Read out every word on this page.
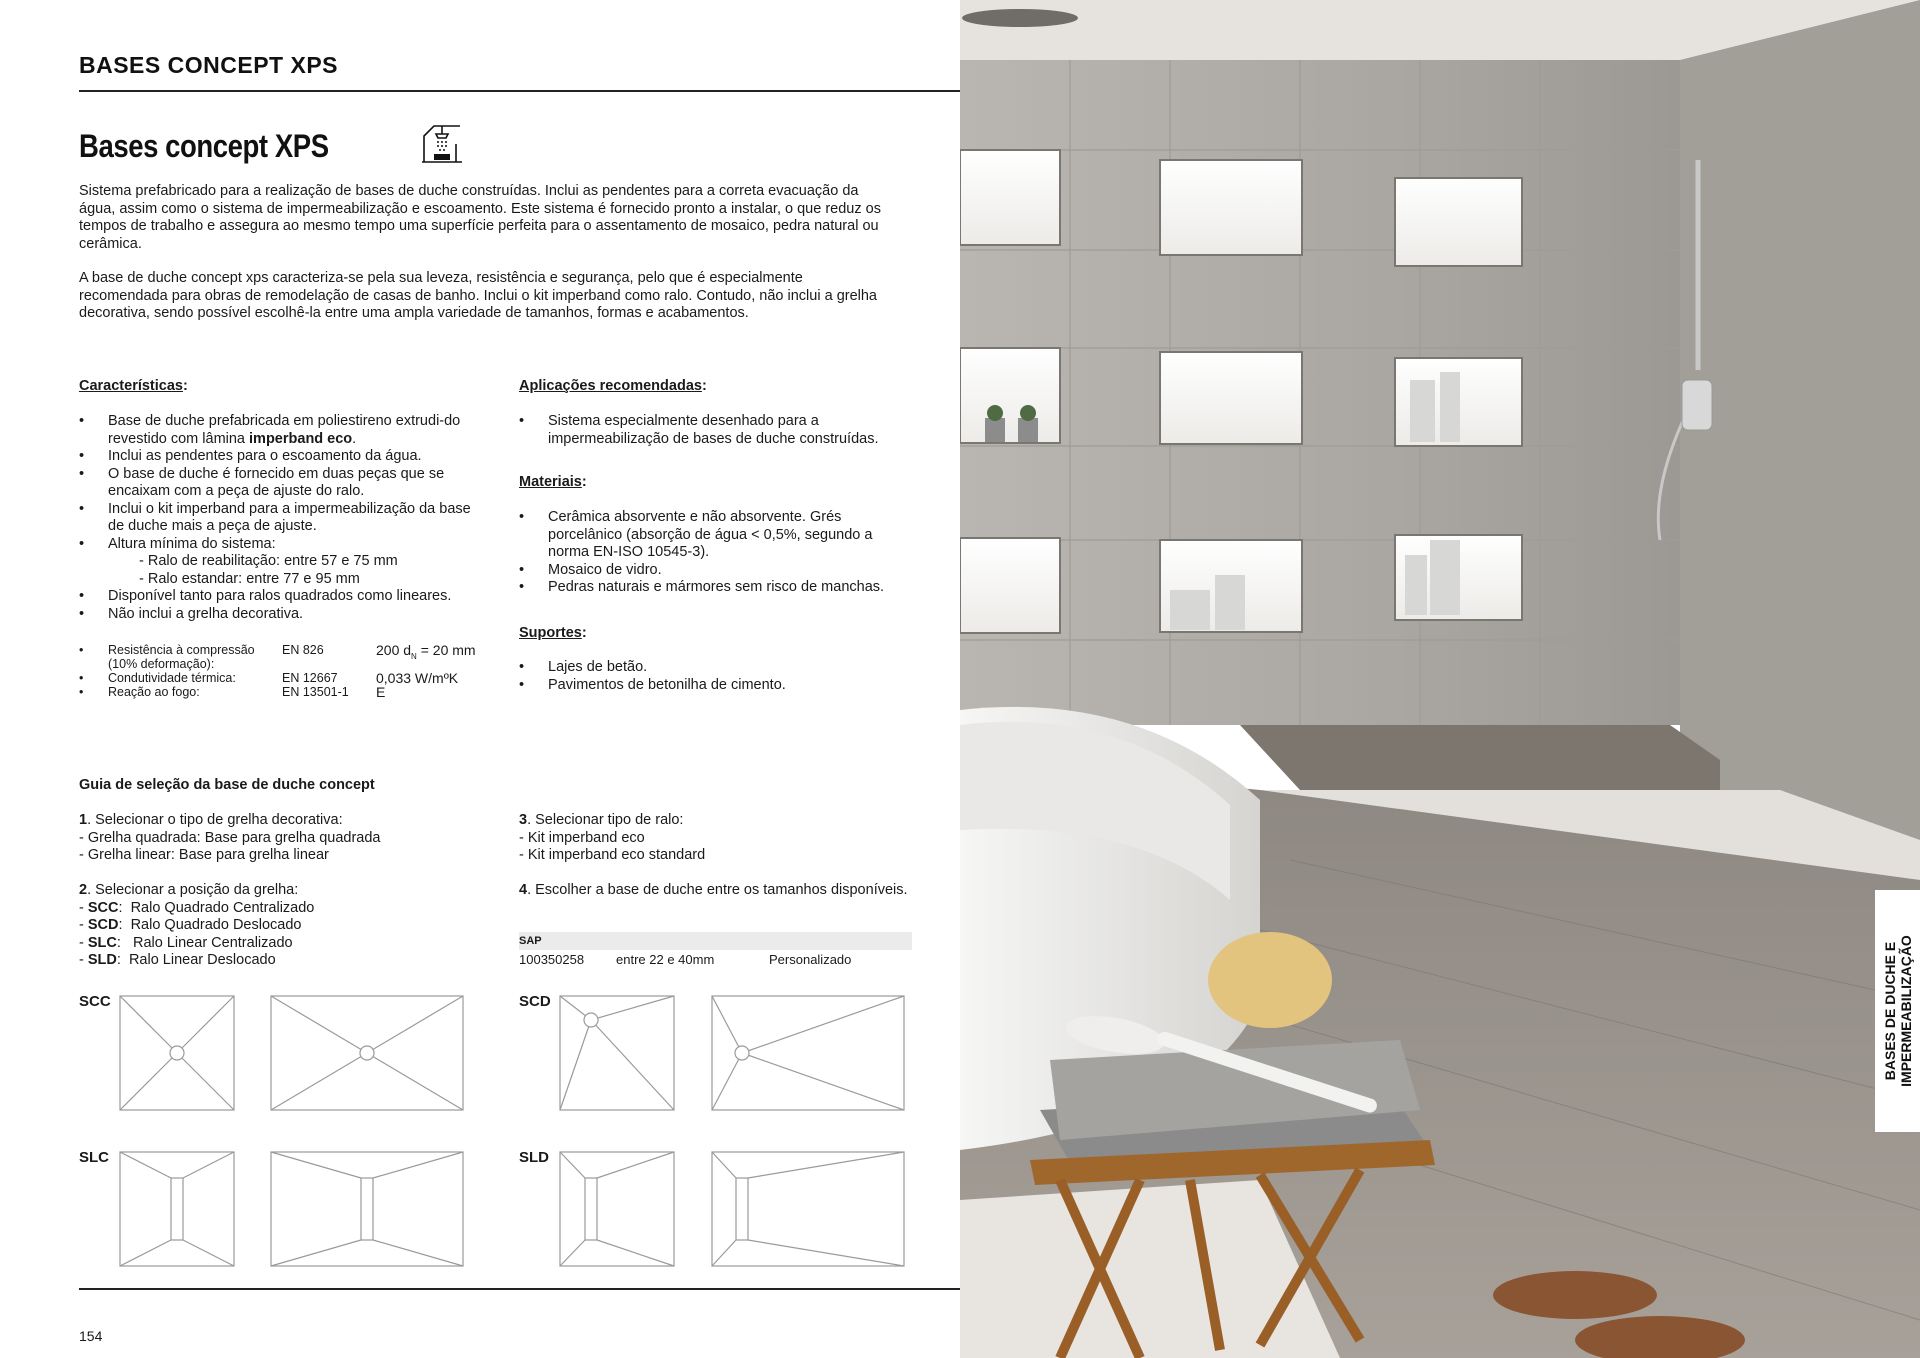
BASES CONCEPT XPS
Bases concept XPS

Sistema prefabricado para a realização de bases de duche construídas. Inclui as pendentes para a correta evacuação da água, assim como o sistema de impermeabilização e escoamento. Este sistema é fornecido pronto a instalar, o que reduz os tempos de trabalho e assegura ao mesmo tempo uma superfície perfeita para o assentamento de mosaico, pedra natural ou cerâmica.

A base de duche concept xps caracteriza-se pela sua leveza, resistência e segurança, pelo que é especialmente recomendada para obras de remodelação de casas de banho. Inclui o kit imperband como ralo. Contudo, não inclui a grelha decorativa, sendo possível escolhê-la entre uma ampla variedade de tamanhos, formas e acabamentos.

Características:
• Base de duche prefabricada em poliestireno extrudi-do revestido com lâmina imperband eco.
• Inclui as pendentes para o escoamento da água.
• O base de duche é fornecido em duas peças que se encaixam com a peça de ajuste do ralo.
• Inclui o kit imperband para a impermeabilização da base de duche mais a peça de ajuste.
• Altura mínima do sistema:
- Ralo de reabilitação: entre 57 e 75 mm
- Ralo estandar: entre 77 e 95 mm
• Disponível tanto para ralos quadrados como lineares.
• Não inclui a grelha decorativa.
•	Resistência à compressão (10% deformação):	EN 826	200 $d_N = 20$ mm
•	Condutividade térmica:	EN 12667	0,033 W/mºK
•	Reação ao fogo:	EN 13501-1	E
Aplicações recomendadas:
• Sistema especialmente desenhado para a impermeabilização de bases de duche construídas.
Materiais:
• Cerâmica absorvente e não absorvente. Grés porcelânico (absorção de água < 0,5%, segundo a norma EN-ISO 10545-3).
• Mosaico de vidro.
• Pedras naturais e mármores sem risco de manchas.
Suportes:
• Lajes de betão.
• Pavimentos de betonilha de cimento.
Guia de seleção da base de duche concept
1. Selecionar o tipo de grelha decorativa:
- Grelha quadrada: Base para grelha quadrada
- Grelha linear: Base para grelha linear
2. Selecionar a posição da grelha:
- SCC:  Ralo Quadrado Centralizado
- SCD:  Ralo Quadrado Deslocado
- SLC:   Ralo Linear Centralizado
- SLD:  Ralo Linear Deslocado
3. Selecionar tipo de ralo:
- Kit imperband eco
- Kit imperband eco standard
4. Escolher a base de duche entre os tamanhos disponíveis.
SAP
100350258 entre 22 e 40mm	Personalizado
SCC	SCD
SLC	SLD
154
BASES DE DUCHE E IMPERMEABILIZAÇÃO
